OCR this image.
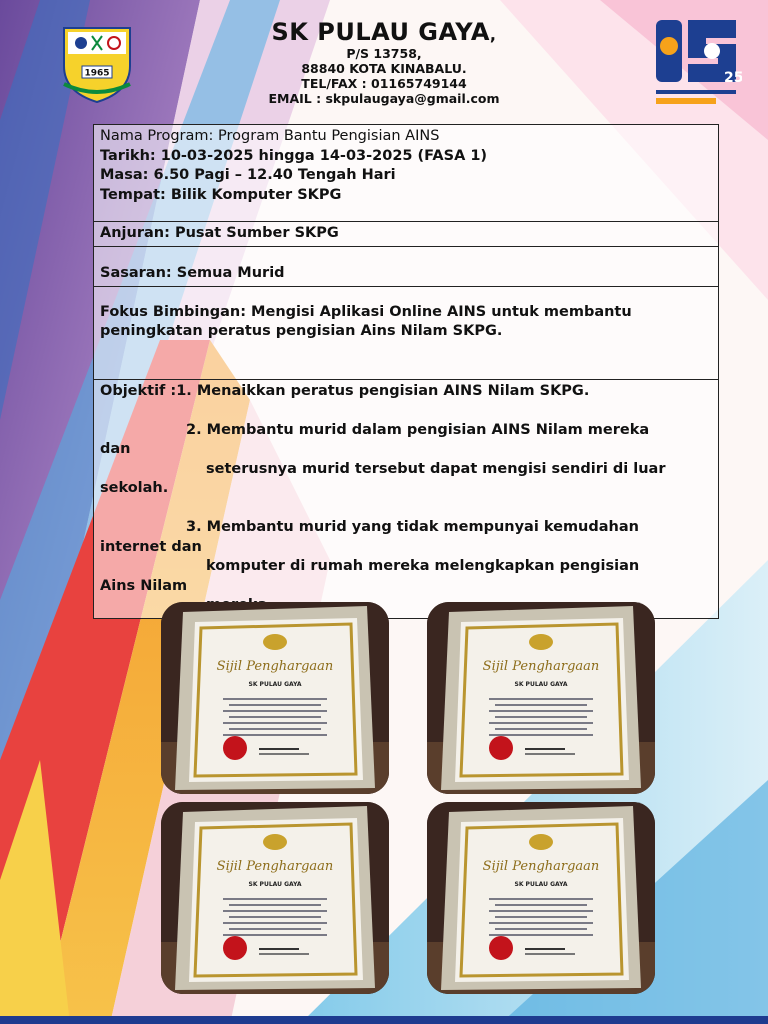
1965	25
SK PULAU GAYA,
P/S 13758,
88840 KOTA KINABALU.
TEL/FAX : 01165749144
EMAIL : skpulaugaya@gmail.com
Nama Program: Program Bantu Pengisian AINS
Tarikh: 10-03-2025 hingga 14-03-2025 (FASA 1)
Masa: 6.50 Pagi – 12.40 Tengah Hari
Tempat: Bilik Komputer SKPG

Anjuran: Pusat Sumber SKPG
Sasaran: Semua Murid

Fokus Bimbingan: Mengisi Aplikasi Online AINS untuk membantu
peningkatan peratus pengisian Ains Nilam SKPG.

Objektif :1. Menaikkan peratus pengisian AINS Nilam SKPG.

2. Membantu murid dalam pengisian AINS Nilam mereka
dan
seterusnya murid tersebut dapat mengisi sendiri di luar
sekolah.

3. Membantu murid yang tidak mempunyai kemudahan
internet dan
komputer di rumah mereka melengkapkan pengisian
Ains Nilam
Sijil Penghargaan
SK PULAU GAYA
Sijil Penghargaan
SK PULAU GAYA
Sijil Penghargaan
SK PULAU GAYA
Sijil Penghargaan
SK PULAU GAYA
